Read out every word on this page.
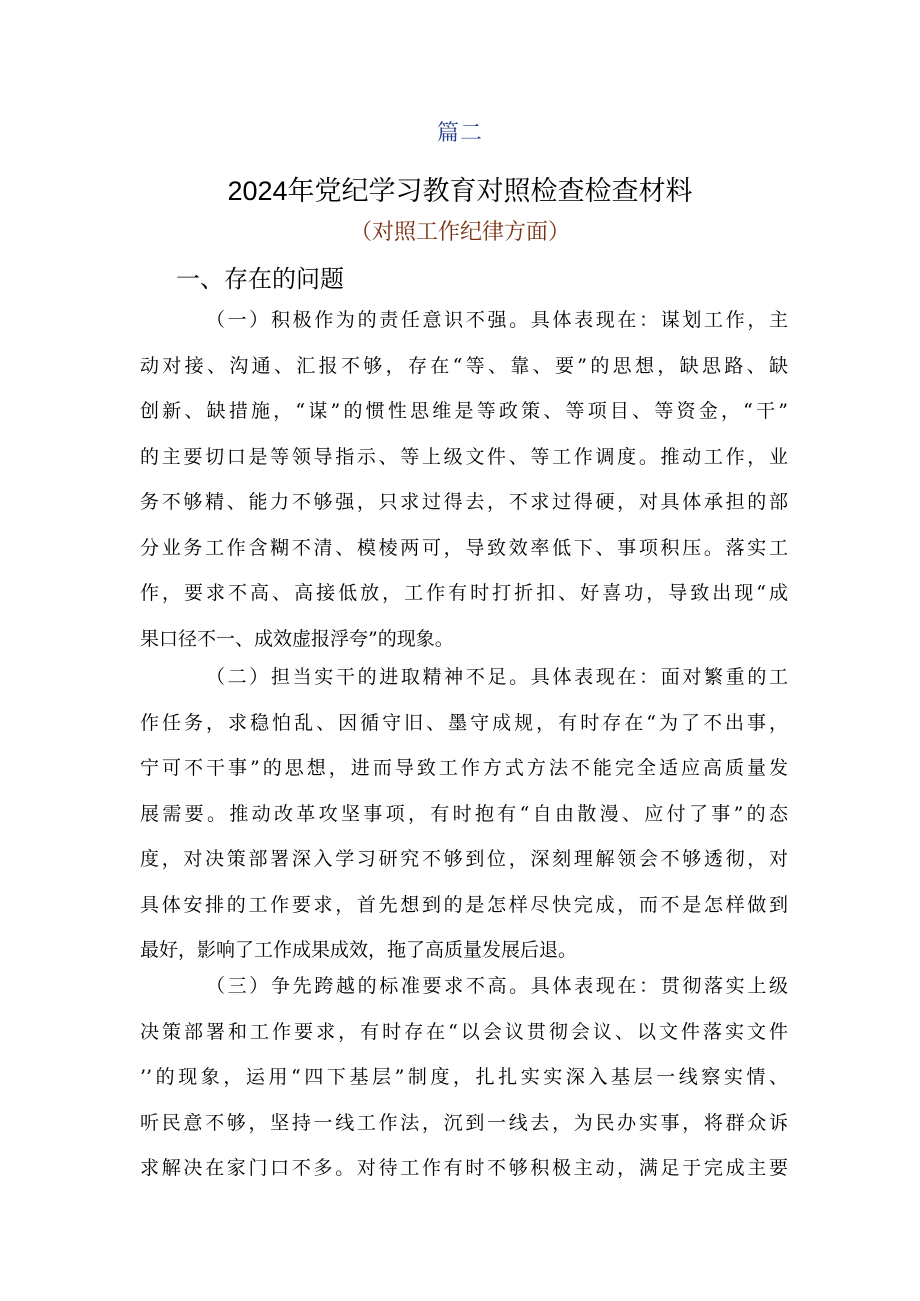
篇二
2024年党纪学习教育对照检查检查材料
（对照工作纪律方面）
一、存在的问题
（一）积极作为的责任意识不强。具体表现在：谋划工作，主
动对接、沟通、汇报不够，存在“等、靠、要”的思想，缺思路、缺
创新、缺措施，“谋”的惯性思维是等政策、等项目、等资金，“干”
的主要切口是等领导指示、等上级文件、等工作调度。推动工作，业
务不够精、能力不够强，只求过得去，不求过得硬，对具体承担的部
分业务工作含糊不清、模棱两可，导致效率低下、事项积压。落实工
作，要求不高、高接低放，工作有时打折扣、好喜功，导致出现“成
果口径不一、成效虚报浮夸”的现象。
（二）担当实干的进取精神不足。具体表现在：面对繁重的工
作任务，求稳怕乱、因循守旧、墨守成规，有时存在“为了不出事，
宁可不干事”的思想，进而导致工作方式方法不能完全适应高质量发
展需要。推动改革攻坚事项，有时抱有“自由散漫、应付了事”的态
度，对决策部署深入学习研究不够到位，深刻理解领会不够透彻，对
具体安排的工作要求，首先想到的是怎样尽快完成，而不是怎样做到
最好，影响了工作成果成效，拖了高质量发展后退。
（三）争先跨越的标准要求不高。具体表现在：贯彻落实上级
决策部署和工作要求，有时存在“以会议贯彻会议、以文件落实文件
’’的现象，运用“四下基层”制度，扎扎实实深入基层一线察实情、
听民意不够，坚持一线工作法，沉到一线去，为民办实事，将群众诉
求解决在家门口不多。对待工作有时不够积极主动，满足于完成主要
